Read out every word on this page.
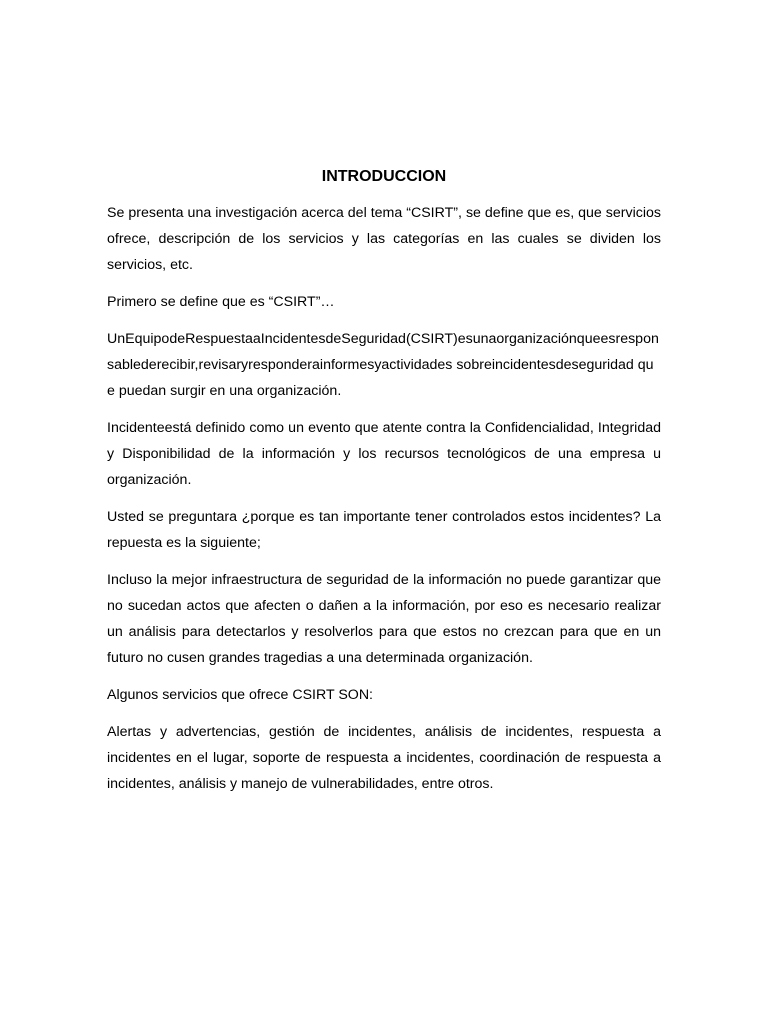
INTRODUCCION

Se presenta una investigación acerca del tema “CSIRT”, se define que es, que servicios ofrece, descripción de los servicios y las categorías en las cuales se dividen los servicios, etc.

Primero se define que es “CSIRT”…

UnEquipodeRespuestaaIncidentesdeSeguridad(CSIRT)esunaorganizaciónqueesresponsablederecibir,revisaryresponderainformesyactividades sobreincidentesdeseguridad que puedan surgir en una organización.

Incidenteestá definido como un evento que atente contra la Confidencialidad, Integridad y Disponibilidad de la información y los recursos tecnológicos de una empresa u organización.

Usted se preguntara ¿porque es tan importante tener controlados estos incidentes? La repuesta es la siguiente;

Incluso la mejor infraestructura de seguridad de la información no puede garantizar que no sucedan actos que afecten o dañen a la información, por eso es necesario realizar un análisis para detectarlos y resolverlos para que estos no crezcan para que en un futuro no cusen grandes tragedias a una determinada organización.

Algunos servicios que ofrece CSIRT SON:

Alertas y advertencias, gestión de incidentes, análisis de incidentes, respuesta a incidentes en el lugar, soporte de respuesta a incidentes, coordinación de respuesta a incidentes, análisis y manejo de vulnerabilidades, entre otros.
